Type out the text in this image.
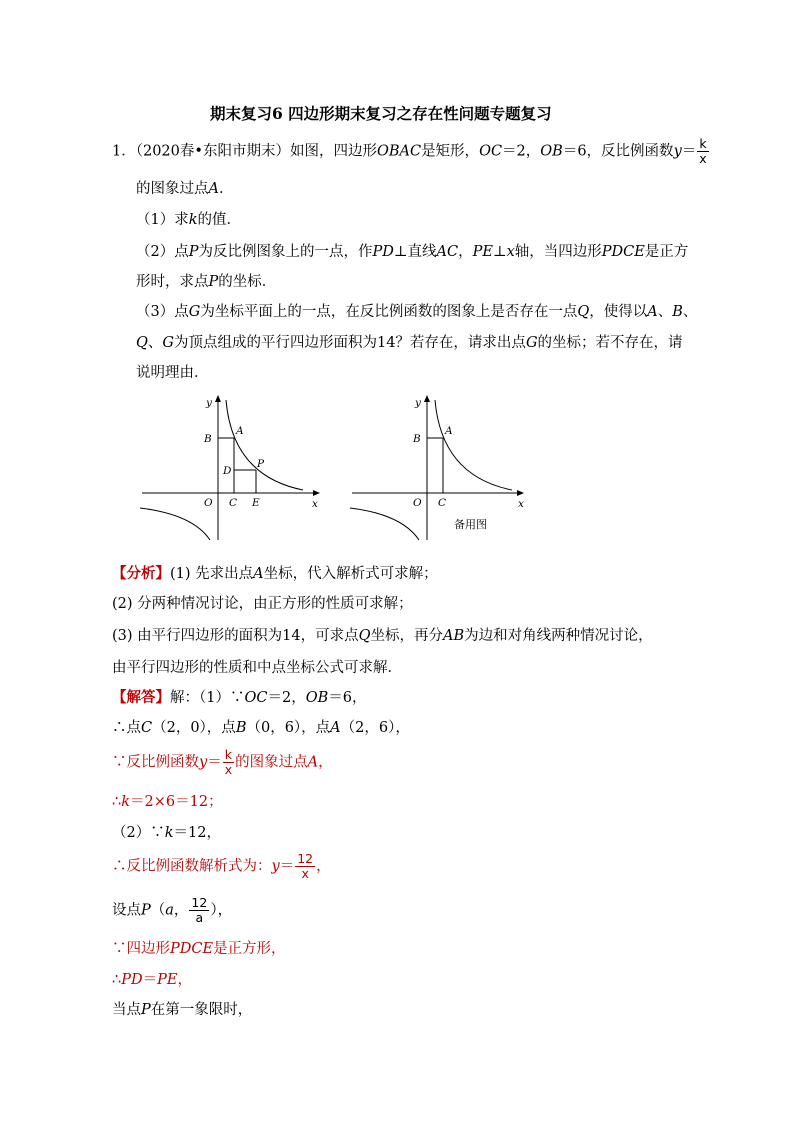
期末复习6 四边形期末复习之存在性问题专题复习
1．（2020春•东阳市期末）如图，四边形OBAC是矩形，OC＝2，OB＝6，反比例函数$y= \frac{k}{x}$
的图象过点A．
（1）求k的值．
（2）点P为反比例图象上的一点，作PD⊥直线AC，PE⊥x轴，当四边形PDCE是正方
形时，求点P的坐标．
（3）点G为坐标平面上的一点，在反比例函数的图象上是否存在一点Q，使得以A、B、
Q、G为顶点组成的平行四边形面积为14？若存在，请求出点G的坐标；若不存在，请
说明理由．
y
x
O
B
A
D
P
C E
y
x
O
B
A
C
备用图
【分析】(1) 先求出点A坐标，代入解析式可求解；
(2) 分两种情况讨论，由正方形的性质可求解；
(3) 由平行四边形的面积为14，可求点Q坐标，再分AB为边和对角线两种情况讨论，
由平行四边形的性质和中点坐标公式可求解．
【解答】解：（1）∵OC＝2，OB＝6，
∴点C（2，0），点B（0，6），点A（2，6），
∵反比例函数$y= \frac{k}{x}$ 的图象过点A，
∴k＝2×6＝12；
（2）∵k＝12，
∴反比例函数解析式为：$y= \frac{12}{x}$ ，
设点P（a， $\frac{12}{a}$ ），
∵四边形PDCE是正方形，
∴PD＝PE，
当点P在第一象限时，
